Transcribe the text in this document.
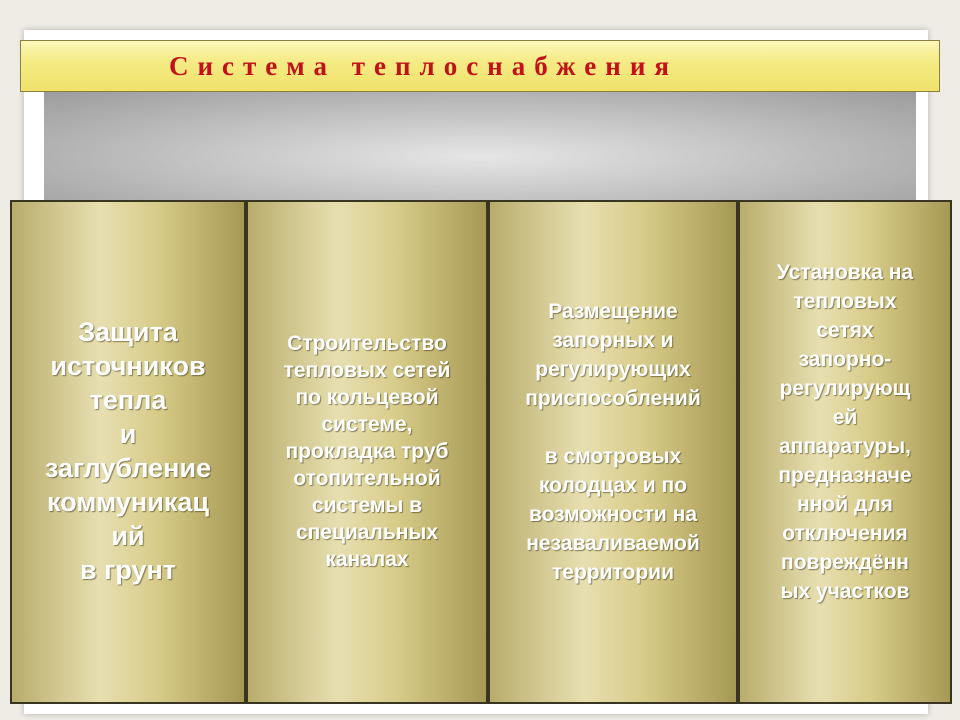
Система теплоснабжения
Защита
источников
тепла
и
заглубление
коммуникац
ий
в грунт
Строительство
тепловых сетей
по кольцевой
системе,
прокладка труб
отопительной
системы в
специальных
каналах
Размещение
запорных и
регулирующих
приспособлений

в смотровых
колодцах и по
возможности на
незаваливаемой
территории
Установка на
тепловых
сетях
запорно-
регулирующ
ей
аппаратуры,
предназначе
нной для
отключения
повреждённ
ых участков
